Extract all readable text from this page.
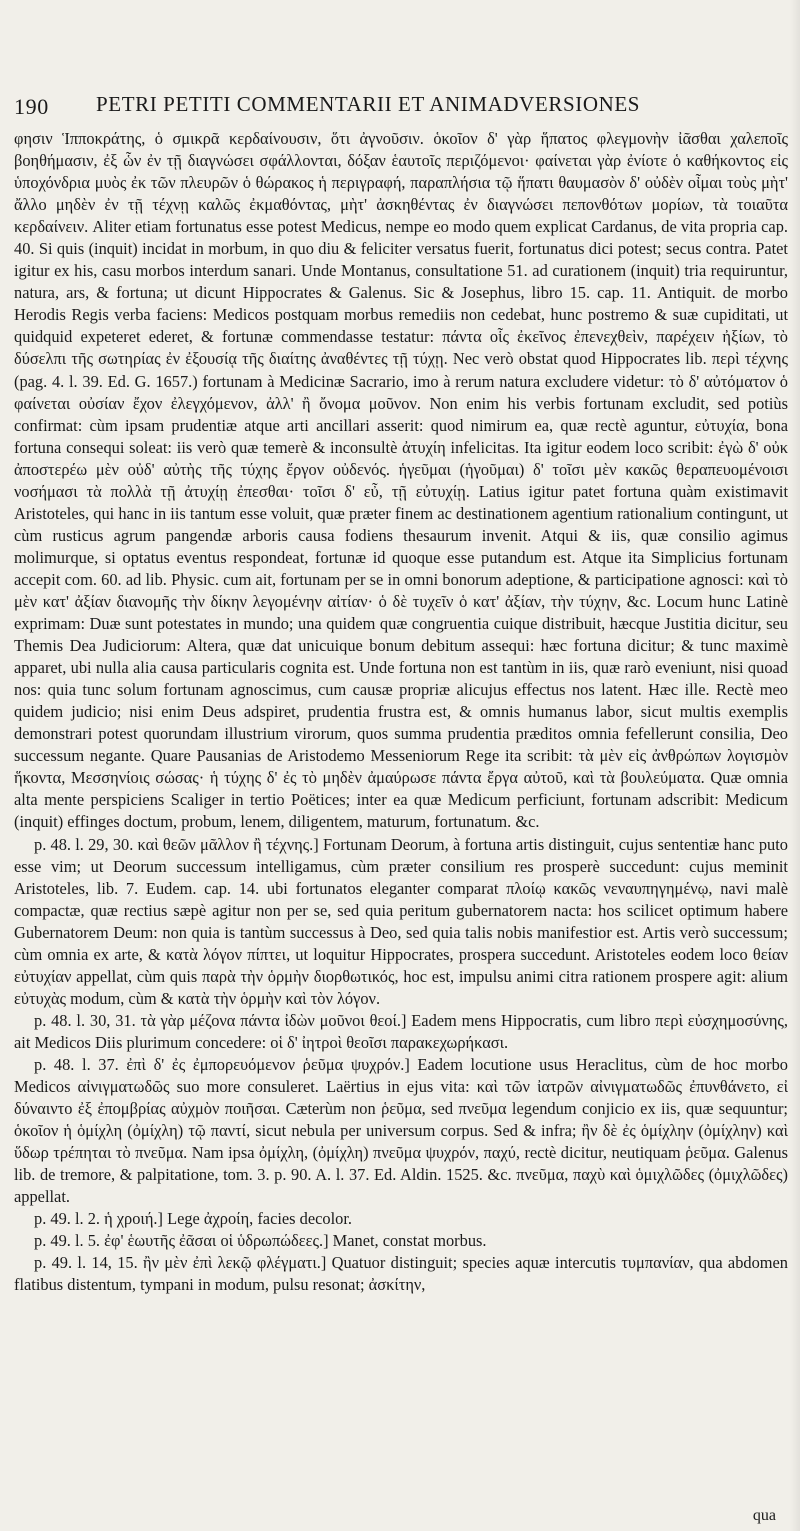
190 PETRI PETITI COMMENTARII ET ANIMADVERSIONES

φησιν Ἱπποκράτης, ὁ σμικρᾶ κερδαίνουσιν, ὅτι ἀγνοῦσιν. ὁκοῖον δ' γὰρ ἥπατος φλεγμονὴν ἰᾶσθαι χαλεποῖς βοηθήμασιν, ἐξ ὧν ἐν τῇ διαγνώσει σφάλλονται, δόξαν ἑαυτοῖς περιζόμενοι· φαίνεται γὰρ ἐνίοτε ὁ καθήκοντος εἰς ὑποχόνδρια μυὸς ἐκ τῶν πλευρῶν ὁ θώρακος ἡ περιγραφή, παραπλήσια τῷ ἥπατι θαυμασὸν δ' οὐδὲν οἶμαι τοὺς μὴτ' ἄλλο μηδὲν ἐν τῇ τέχνῃ καλῶς ἐκμαθόντας, μὴτ' ἀσκηθέντας ἐν διαγνώσει πεπονθότων μορίων, τὰ τοιαῦτα κερδαίνειν. Aliter etiam fortunatus esse potest Medicus, nempe eo modo quem explicat Cardanus, de vita propria cap. 40. Si quis (inquit) incidat in morbum, in quo diu & feliciter versatus fuerit, fortunatus dici potest; secus contra. Patet igitur ex his, casu morbos interdum sanari. Unde Montanus, consultatione 51. ad curationem (inquit) tria requiruntur, natura, ars, & fortuna; ut dicunt Hippocrates & Galenus. Sic & Josephus, libro 15. cap. 11. Antiquit. de morbo Herodis Regis verba faciens: Medicos postquam morbus remediis non cedebat, hunc postremo & suæ cupiditati, ut quidquid expeteret ederet, & fortunæ commendasse testatur: πάντα οἷς ἐκεῖνος ἐπενεχθεὶν, παρέχειν ἠξίων, τὸ δύσελπι τῆς σωτηρίας ἐν ἐξουσίᾳ τῆς διαίτης ἀναθέντες τῇ τύχῃ. Nec verò obstat quod Hippocrates lib. περὶ τέχνης (pag. 4. l. 39. Ed. G. 1657.) fortunam à Medicinæ Sacrario, imo à rerum natura excludere videtur: τὸ δ' αὐτόματον ὁ φαίνεται οὐσίαν ἔχον ἐλεγχόμενον, ἀλλ' ἢ ὄνομα μοῦνον. Non enim his verbis fortunam excludit, sed potiùs confirmat: cùm ipsam prudentiæ atque arti ancillari asserit: quod nimirum ea, quæ rectè aguntur, εὐτυχία, bona fortuna consequi soleat: iis verò quæ temerè & inconsultè ἀτυχίη infelicitas. Ita igitur eodem loco scribit: ἐγὼ δ' οὐκ ἀποστερέω μὲν οὐδ' αὐτὴς τῆς τύχης ἔργον οὐδενός. ἡγεῦμαι (ἡγοῦμαι) δ' τοῖσι μὲν κακῶς θεραπευομένοισι νοσήμασι τὰ πολλὰ τῇ ἀτυχίῃ ἐπεσθαι· τοῖσι δ' εὖ, τῇ εὐτυχίῃ. Latius igitur patet fortuna quàm existimavit Aristoteles, qui hanc in iis tantum esse voluit, quæ præter finem ac destinationem agentium rationalium contingunt, ut cùm rusticus agrum pangendæ arboris causa fodiens thesaurum invenit. Atqui & iis, quæ consilio agimus molimurque, si optatus eventus respondeat, fortunæ id quoque esse putandum est. Atque ita Simplicius fortunam accepit com. 60. ad lib. Physic. cum ait, fortunam per se in omni bonorum adeptione, & participatione agnosci: καὶ τὸ μὲν κατ' ἀξίαν διανομῆς τὴν δίκην λεγομένην αἰτίαν· ὁ δὲ τυχεῖν ὁ κατ' ἀξίαν, τὴν τύχην, &c. Locum hunc Latinè exprimam: Duæ sunt potestates in mundo; una quidem quæ congruentia cuique distribuit, hæcque Justitia dicitur, seu Themis Dea Judiciorum: Altera, quæ dat unicuique bonum debitum assequi: hæc fortuna dicitur; & tunc maximè apparet, ubi nulla alia causa particularis cognita est. Unde fortuna non est tantùm in iis, quæ rarò eveniunt, nisi quoad nos: quia tunc solum fortunam agnoscimus, cum causæ propriæ alicujus effectus nos latent. Hæc ille. Rectè meo quidem judicio; nisi enim Deus adspiret, prudentia frustra est, & omnis humanus labor, sicut multis exemplis demonstrari potest quorundam illustrium virorum, quos summa prudentia præditos omnia fefellerunt consilia, Deo successum negante. Quare Pausanias de Aristodemo Messeniorum Rege ita scribit: τὰ μὲν εἰς ἀνθρώπων λογισμὸν ἥκοντα, Μεσσηνίοις σώσας· ἡ τύχης δ' ἐς τὸ μηδὲν ἀμαύρωσε πάντα ἔργα αὐτοῦ, καὶ τὰ βουλεύματα. Quæ omnia alta mente perspiciens Scaliger in tertio Poëtices; inter ea quæ Medicum perficiunt, fortunam adscribit: Medicum (inquit) effinges doctum, probum, lenem, diligentem, maturum, fortunatum. &c.

p. 48. l. 29, 30. καὶ θεῶν μᾶλλον ἢ τέχνης.] Fortunam Deorum, à fortuna artis distinguit, cujus sententiæ hanc puto esse vim; ut Deorum successum intelligamus, cùm præter consilium res prosperè succedunt: cujus meminit Aristoteles, lib. 7. Eudem. cap. 14. ubi fortunatos eleganter comparat πλοίῳ κακῶς νεναυπηγημένῳ, navi malè compactæ, quæ rectius sæpè agitur non per se, sed quia peritum gubernatorem nacta: hos scilicet optimum habere Gubernatorem Deum: non quia is tantùm successus à Deo, sed quia talis nobis manifestior est. Artis verò successum; cùm omnia ex arte, & κατὰ λόγον πίπτει, ut loquitur Hippocrates, prospera succedunt. Aristoteles eodem loco θείαν εὐτυχίαν appellat, cùm quis παρὰ τὴν ὁρμὴν διορθωτικός, hoc est, impulsu animi citra rationem prospere agit: alium εὐτυχὰς modum, cùm & κατὰ τὴν ὁρμὴν καὶ τὸν λόγον.

p. 48. l. 30, 31. τὰ γὰρ μέζονα πάντα ἰδὼν μοῦνοι θεοί.] Eadem mens Hippocratis, cum libro περὶ εὐσχημοσύνης, ait Medicos Diis plurimum concedere: οἱ δ' ἰητροὶ θεοῖσι παρακεχωρήκασι.

p. 48. l. 37. ἐπὶ δ' ἐς ἐμπορευόμενον ῥεῦμα ψυχρόν.] Eadem locutione usus Heraclitus, cùm de hoc morbo Medicos αἰνιγματωδῶς suo more consuleret. Laërtius in ejus vita: καὶ τῶν ἰατρῶν αἰνιγματωδῶς ἐπυνθάνετο, εἰ δύναιντο ἐξ ἐπομβρίας αὐχμὸν ποιῆσαι. Cæterùm non ῥεῦμα, sed πνεῦμα legendum conjicio ex iis, quæ sequuntur; ὁκοῖον ἡ ὁμίχλη (ὀμίχλη) τῷ παντί, sicut nebula per universum corpus. Sed & infra; ἢν δὲ ἐς ὁμίχλην (ὀμίχλην) καὶ ὕδωρ τρέπηται τὸ πνεῦμα. Nam ipsa ὀμίχλη, (ὀμίχλη) πνεῦμα ψυχρόν, παχύ, rectè dicitur, neutiquam ῥεῦμα. Galenus lib. de tremore, & palpitatione, tom. 3. p. 90. A. l. 37. Ed. Aldin. 1525. &c. πνεῦμα, παχὺ καὶ ὁμιχλῶδες (ὀμιχλῶδες) appellat.

p. 49. l. 2. ἡ χροιή.] Lege ἀχροίη, facies decolor.

p. 49. l. 5. ἐφ' ἑωυτῆς ἐᾶσαι οἱ ὑδρωπώδεες.] Manet, constat morbus.

p. 49. l. 14, 15. ἢν μὲν ἐπὶ λεκῷ φλέγματι.] Quatuor distinguit; species aquæ intercutis τυμπανίαν, qua abdomen flatibus distentum, tympani in modum, pulsu resonat; ἀσκίτην,

qua
